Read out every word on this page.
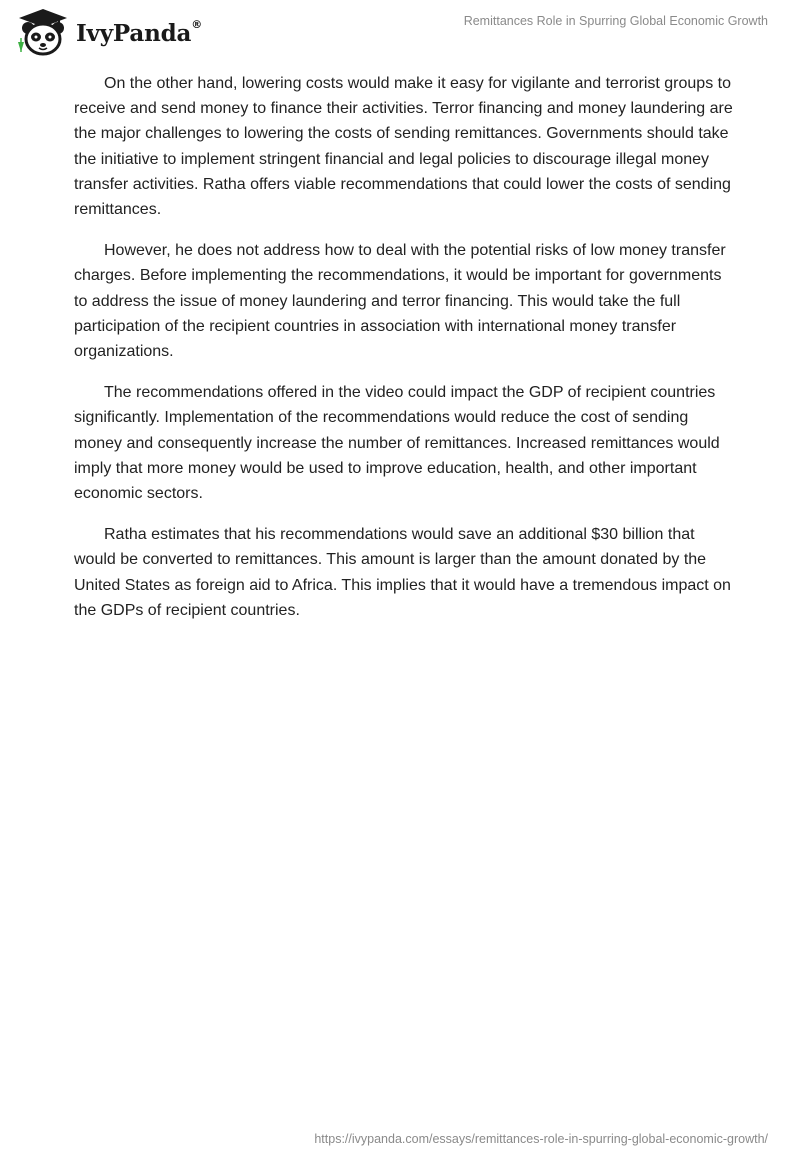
IvyPanda®	Remittances Role in Spurring Global Economic Growth

On the other hand, lowering costs would make it easy for vigilante and terrorist groups to receive and send money to finance their activities. Terror financing and money laundering are the major challenges to lowering the costs of sending remittances. Governments should take the initiative to implement stringent financial and legal policies to discourage illegal money transfer activities. Ratha offers viable recommendations that could lower the costs of sending remittances.

However, he does not address how to deal with the potential risks of low money transfer charges. Before implementing the recommendations, it would be important for governments to address the issue of money laundering and terror financing. This would take the full participation of the recipient countries in association with international money transfer organizations.

The recommendations offered in the video could impact the GDP of recipient countries significantly. Implementation of the recommendations would reduce the cost of sending money and consequently increase the number of remittances. Increased remittances would imply that more money would be used to improve education, health, and other important economic sectors.

Ratha estimates that his recommendations would save an additional $30 billion that would be converted to remittances. This amount is larger than the amount donated by the United States as foreign aid to Africa. This implies that it would have a tremendous impact on the GDPs of recipient countries.

https://ivypanda.com/essays/remittances-role-in-spurring-global-economic-growth/
